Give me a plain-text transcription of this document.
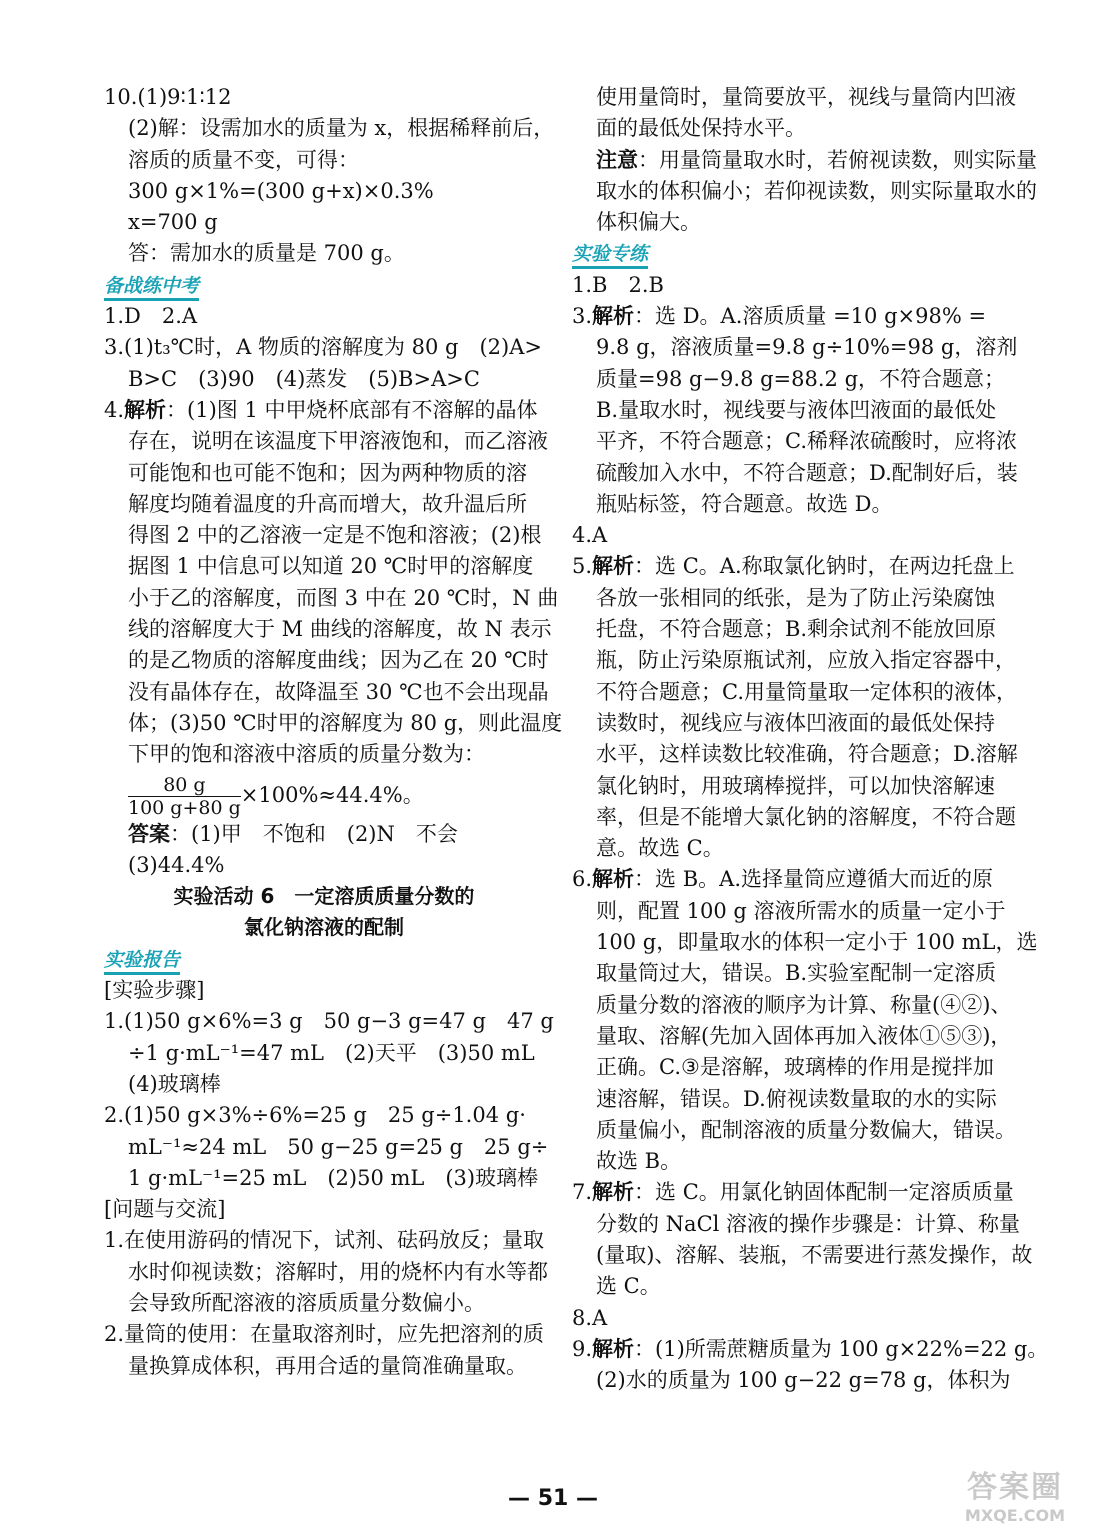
10.(1)9∶1∶12
(2)解：设需加水的质量为 x，根据稀释前后，
溶质的质量不变，可得：
300 g×1%=(300 g+x)×0.3%
x=700 g
答：需加水的质量是 700 g。
备战练中考
1.D　2.A
3.(1)t₃℃时，A 物质的溶解度为 80 g　(2)A>
B>C　(3)90　(4)蒸发　(5)B>A>C
4.解析：(1)图 1 中甲烧杯底部有不溶解的晶体
存在，说明在该温度下甲溶液饱和，而乙溶液
可能饱和也可能不饱和；因为两种物质的溶
解度均随着温度的升高而增大，故升温后所
得图 2 中的乙溶液一定是不饱和溶液；(2)根
据图 1 中信息可以知道 20 ℃时甲的溶解度
小于乙的溶解度，而图 3 中在 20 ℃时，N 曲
线的溶解度大于 M 曲线的溶解度，故 N 表示
的是乙物质的溶解度曲线；因为乙在 20 ℃时
没有晶体存在，故降温至 30 ℃也不会出现晶
体；(3)50 ℃时甲的溶解度为 80 g，则此温度
下甲的饱和溶液中溶质的质量分数为：
$\frac{80 g}{100 g+80 g} \times 100\%\approx 44.4\%$。
答案：(1)甲　不饱和　(2)N　不会
(3)44.4%
实验活动 6　一定溶质质量分数的
氯化钠溶液的配制
实验报告
[实验步骤]
1.(1)50 g×6%=3 g　50 g−3 g=47 g　47 g
÷1 g·mL⁻¹=47 mL　(2)天平　(3)50 mL
(4)玻璃棒
2.(1)50 g×3%÷6%=25 g　25 g÷1.04 g·
mL⁻¹≈24 mL　50 g−25 g=25 g　25 g÷
1 g·mL⁻¹=25 mL　(2)50 mL　(3)玻璃棒
[问题与交流]
1.在使用游码的情况下，试剂、砝码放反；量取
水时仰视读数；溶解时，用的烧杯内有水等都
会导致所配溶液的溶质质量分数偏小。
2.量筒的使用：在量取溶剂时，应先把溶剂的质
量换算成体积，再用合适的量筒准确量取。
使用量筒时，量筒要放平，视线与量筒内凹液
面的最低处保持水平。
注意：用量筒量取水时，若俯视读数，则实际量
取水的体积偏小；若仰视读数，则实际量取水的
体积偏大。
实验专练
1.B　2.B
3.解析：选 D。A.溶质质量 =10 g×98% =
9.8 g，溶液质量=9.8 g÷10%=98 g，溶剂
质量=98 g−9.8 g=88.2 g，不符合题意；
B.量取水时，视线要与液体凹液面的最低处
平齐，不符合题意；C.稀释浓硫酸时，应将浓
硫酸加入水中，不符合题意；D.配制好后，装
瓶贴标签，符合题意。故选 D。
4.A
5.解析：选 C。A.称取氯化钠时，在两边托盘上
各放一张相同的纸张，是为了防止污染腐蚀
托盘，不符合题意；B.剩余试剂不能放回原
瓶，防止污染原瓶试剂，应放入指定容器中，
不符合题意；C.用量筒量取一定体积的液体，
读数时，视线应与液体凹液面的最低处保持
水平，这样读数比较准确，符合题意；D.溶解
氯化钠时，用玻璃棒搅拌，可以加快溶解速
率，但是不能增大氯化钠的溶解度，不符合题
意。故选 C。
6.解析：选 B。A.选择量筒应遵循大而近的原
则，配置 100 g 溶液所需水的质量一定小于
100 g，即量取水的体积一定小于 100 mL，选
取量筒过大，错误。B.实验室配制一定溶质
质量分数的溶液的顺序为计算、称量(④②)、
量取、溶解(先加入固体再加入液体①⑤③)，
正确。C.③是溶解，玻璃棒的作用是搅拌加
速溶解，错误。D.俯视读数量取的水的实际
质量偏小，配制溶液的质量分数偏大，错误。
故选 B。
7.解析：选 C。用氯化钠固体配制一定溶质质量
分数的 NaCl 溶液的操作步骤是：计算、称量
(量取)、溶解、装瓶，不需要进行蒸发操作，故
选 C。
8.A
9.解析：(1)所需蔗糖质量为 100 g×22%=22 g。
(2)水的质量为 100 g−22 g=78 g，体积为
— 51 —	答案圈
MXQE.COM
